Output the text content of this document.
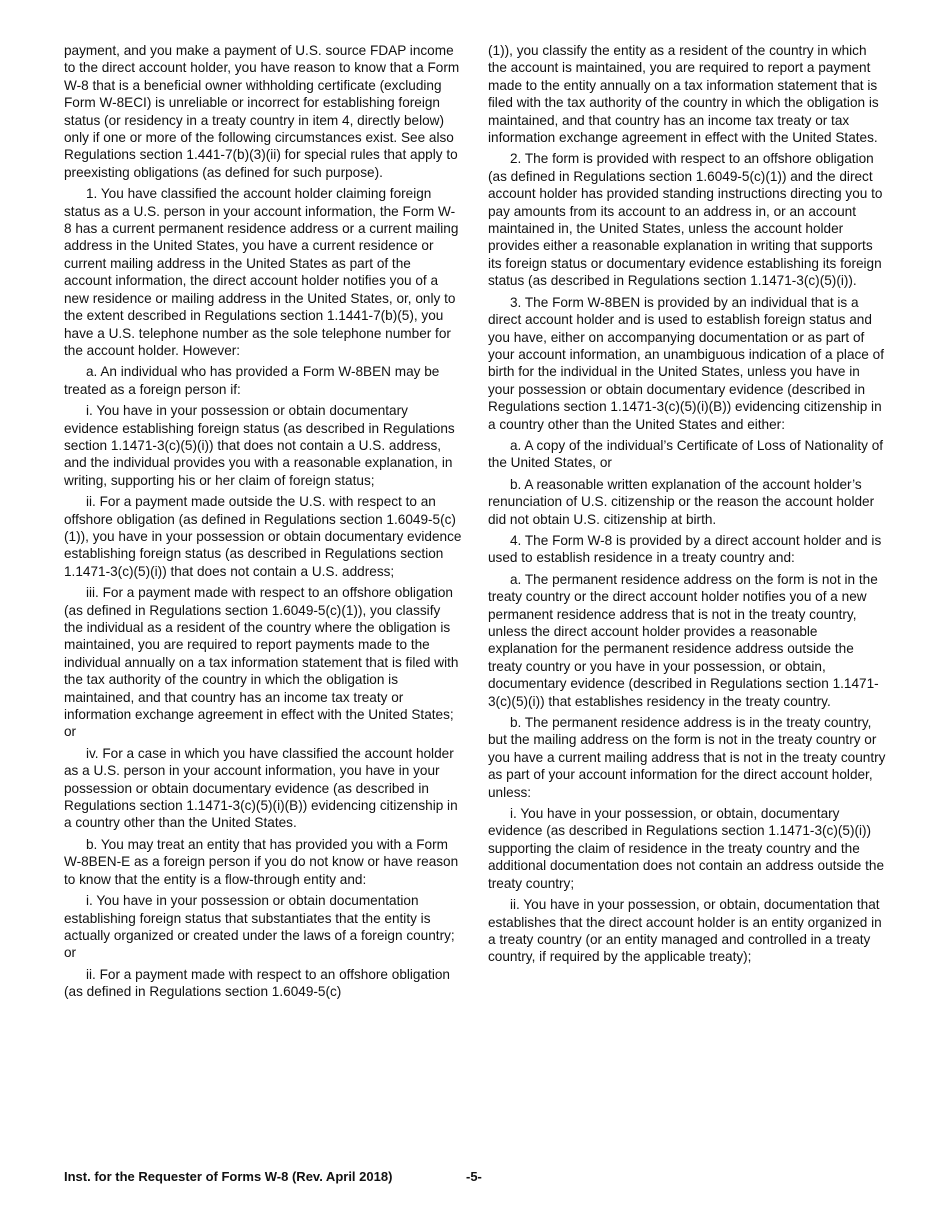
payment, and you make a payment of U.S. source FDAP income to the direct account holder, you have reason to know that a Form W-8 that is a beneficial owner withholding certificate (excluding Form W-8ECI) is unreliable or incorrect for establishing foreign status (or residency in a treaty country in item 4, directly below) only if one or more of the following circumstances exist. See also Regulations section 1.441-7(b)(3)(ii) for special rules that apply to preexisting obligations (as defined for such purpose).

1. You have classified the account holder claiming foreign status as a U.S. person in your account information, the Form W-8 has a current permanent residence address or a current mailing address in the United States, you have a current residence or current mailing address in the United States as part of the account information, the direct account holder notifies you of a new residence or mailing address in the United States, or, only to the extent described in Regulations section 1.1441-7(b)(5), you have a U.S. telephone number as the sole telephone number for the account holder. However:

a. An individual who has provided a Form W-8BEN may be treated as a foreign person if:

i. You have in your possession or obtain documentary evidence establishing foreign status (as described in Regulations section 1.1471-3(c)(5)(i)) that does not contain a U.S. address, and the individual provides you with a reasonable explanation, in writing, supporting his or her claim of foreign status;

ii. For a payment made outside the U.S. with respect to an offshore obligation (as defined in Regulations section 1.6049-5(c)(1)), you have in your possession or obtain documentary evidence establishing foreign status (as described in Regulations section 1.1471-3(c)(5)(i)) that does not contain a U.S. address;

iii. For a payment made with respect to an offshore obligation (as defined in Regulations section 1.6049-5(c)(1)), you classify the individual as a resident of the country where the obligation is maintained, you are required to report payments made to the individual annually on a tax information statement that is filed with the tax authority of the country in which the obligation is maintained, and that country has an income tax treaty or information exchange agreement in effect with the United States; or

iv. For a case in which you have classified the account holder as a U.S. person in your account information, you have in your possession or obtain documentary evidence (as described in Regulations section 1.1471-3(c)(5)(i)(B)) evidencing citizenship in a country other than the United States.

b. You may treat an entity that has provided you with a Form W-8BEN-E as a foreign person if you do not know or have reason to know that the entity is a flow-through entity and:

i. You have in your possession or obtain documentation establishing foreign status that substantiates that the entity is actually organized or created under the laws of a foreign country; or

ii. For a payment made with respect to an offshore obligation (as defined in Regulations section 1.6049-5(c)

(1)), you classify the entity as a resident of the country in which the account is maintained, you are required to report a payment made to the entity annually on a tax information statement that is filed with the tax authority of the country in which the obligation is maintained, and that country has an income tax treaty or tax information exchange agreement in effect with the United States.

2. The form is provided with respect to an offshore obligation (as defined in Regulations section 1.6049-5(c)(1)) and the direct account holder has provided standing instructions directing you to pay amounts from its account to an address in, or an account maintained in, the United States, unless the account holder provides either a reasonable explanation in writing that supports its foreign status or documentary evidence establishing its foreign status (as described in Regulations section 1.1471-3(c)(5)(i)).

3. The Form W-8BEN is provided by an individual that is a direct account holder and is used to establish foreign status and you have, either on accompanying documentation or as part of your account information, an unambiguous indication of a place of birth for the individual in the United States, unless you have in your possession or obtain documentary evidence (described in Regulations section 1.1471-3(c)(5)(i)(B)) evidencing citizenship in a country other than the United States and either:

a. A copy of the individual’s Certificate of Loss of Nationality of the United States, or

b. A reasonable written explanation of the account holder’s renunciation of U.S. citizenship or the reason the account holder did not obtain U.S. citizenship at birth.

4. The Form W-8 is provided by a direct account holder and is used to establish residence in a treaty country and:

a. The permanent residence address on the form is not in the treaty country or the direct account holder notifies you of a new permanent residence address that is not in the treaty country, unless the direct account holder provides a reasonable explanation for the permanent residence address outside the treaty country or you have in your possession, or obtain, documentary evidence (described in Regulations section 1.1471-3(c)(5)(i)) that establishes residency in the treaty country.

b. The permanent residence address is in the treaty country, but the mailing address on the form is not in the treaty country or you have a current mailing address that is not in the treaty country as part of your account information for the direct account holder, unless:

i. You have in your possession, or obtain, documentary evidence (as described in Regulations section 1.1471-3(c)(5)(i)) supporting the claim of residence in the treaty country and the additional documentation does not contain an address outside the treaty country;

ii. You have in your possession, or obtain, documentation that establishes that the direct account holder is an entity organized in a treaty country (or an entity managed and controlled in a treaty country, if required by the applicable treaty);

Inst. for the Requester of Forms W-8 (Rev. April 2018)	-5-
